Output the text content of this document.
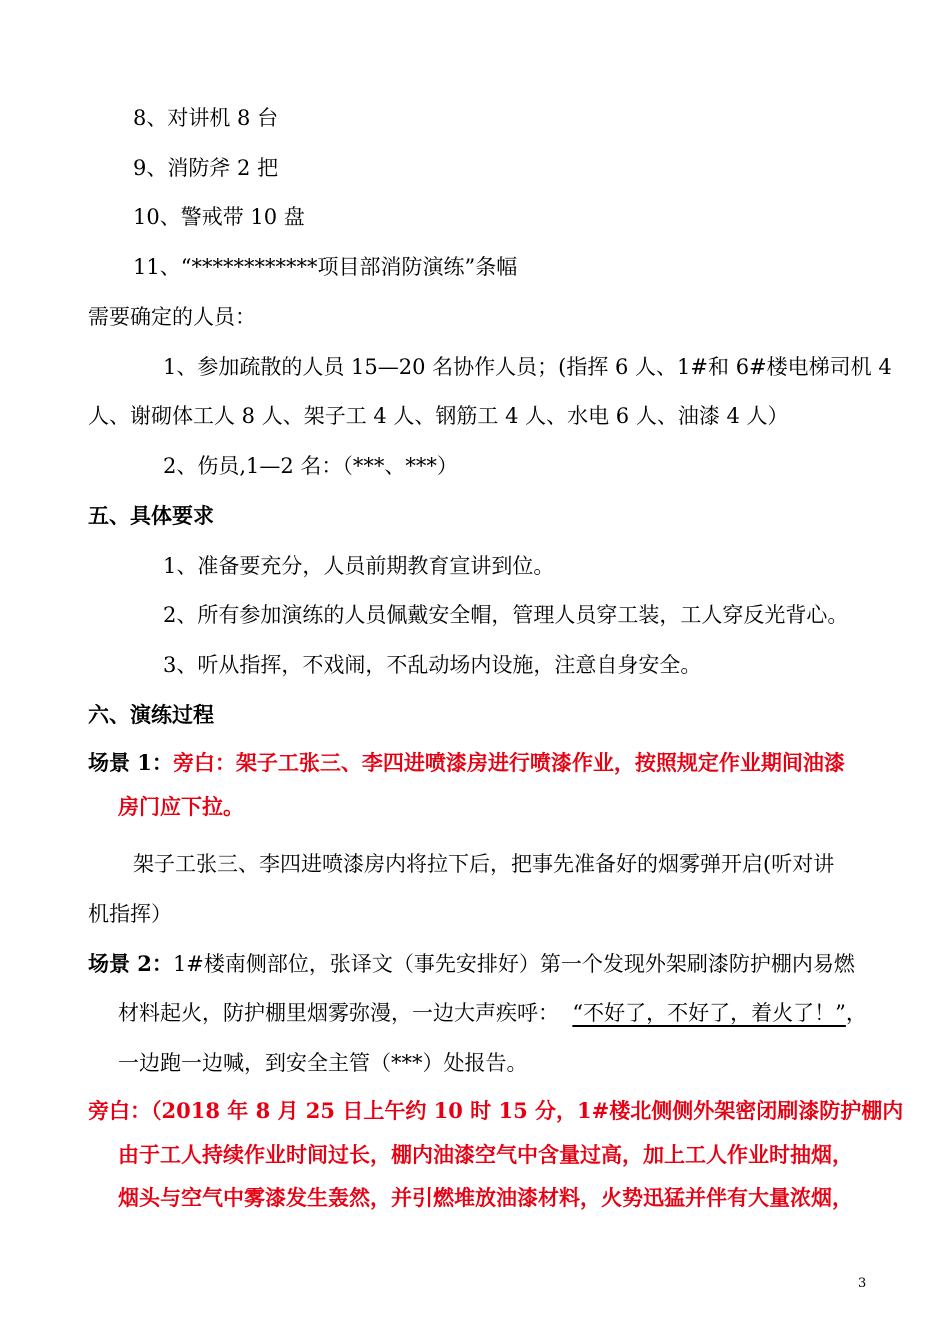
8、对讲机 8 台
9、消防斧 2 把
10、警戒带 10 盘
11、“************项目部消防演练”条幅
需要确定的人员：
1、参加疏散的人员 15—20 名协作人员；(指挥 6 人、1#和 6#楼电梯司机 4
人、谢砌体工人 8 人、架子工 4 人、钢筋工 4 人、水电 6 人、油漆 4 人）
2、伤员,1—2 名：（***、***）
五、具体要求
1、准备要充分，人员前期教育宣讲到位。
2、所有参加演练的人员佩戴安全帽，管理人员穿工装，工人穿反光背心。
3、听从指挥，不戏闹，不乱动场内设施，注意自身安全。
六、演练过程
场景 1：旁白：架子工张三、李四进喷漆房进行喷漆作业，按照规定作业期间油漆
房门应下拉。
架子工张三、李四进喷漆房内将拉下后，把事先准备好的烟雾弹开启(听对讲
机指挥）
场景 2：1#楼南侧部位，张译文（事先安排好）第一个发现外架刷漆防护棚内易燃
材料起火，防护棚里烟雾弥漫，一边大声疾呼： “不好了，不好了，着火了！”，
一边跑一边喊，到安全主管（***）处报告。
旁白：（2018 年 8 月 25 日上午约 10 时 15 分，1#楼北侧侧外架密闭刷漆防护棚内
由于工人持续作业时间过长，棚内油漆空气中含量过高，加上工人作业时抽烟，
烟头与空气中雾漆发生轰然，并引燃堆放油漆材料，火势迅猛并伴有大量浓烟，
3
